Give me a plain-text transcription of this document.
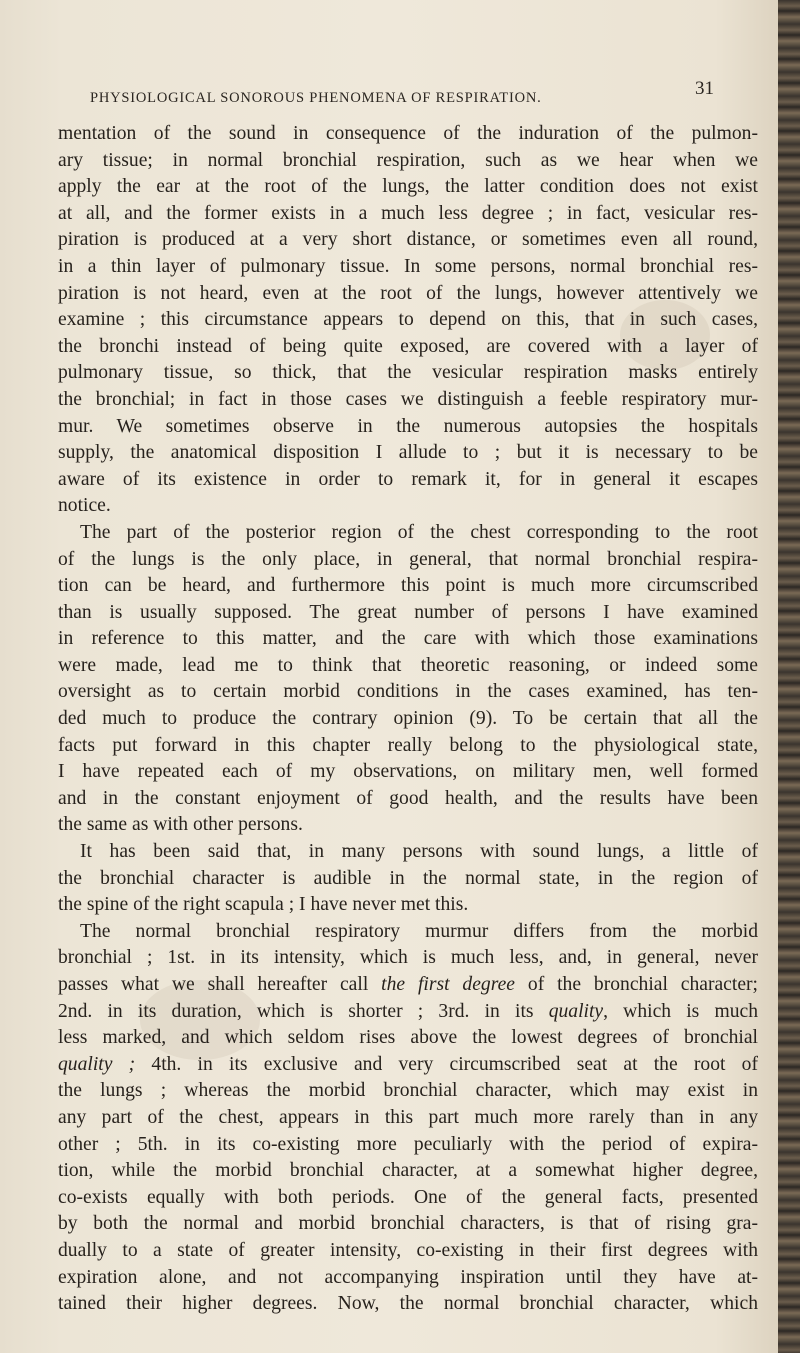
PHYSIOLOGICAL SONOROUS PHENOMENA OF RESPIRATION.	31
mentation of the sound in consequence of the induration of the pulmon-
ary tissue; in normal bronchial respiration, such as we hear when we
apply the ear at the root of the lungs, the latter condition does not exist
at all, and the former exists in a much less degree ; in fact, vesicular res-
piration is produced at a very short distance, or sometimes even all round,
in a thin layer of pulmonary tissue. In some persons, normal bronchial res-
piration is not heard, even at the root of the lungs, however attentively we
examine ; this circumstance appears to depend on this, that in such cases,
the bronchi instead of being quite exposed, are covered with a layer of
pulmonary tissue, so thick, that the vesicular respiration masks entirely
the bronchial; in fact in those cases we distinguish a feeble respiratory mur-
mur. We sometimes observe in the numerous autopsies the hospitals
supply, the anatomical disposition I allude to ; but it is necessary to be
aware of its existence in order to remark it, for in general it escapes
notice.
The part of the posterior region of the chest corresponding to the root
of the lungs is the only place, in general, that normal bronchial respira-
tion can be heard, and furthermore this point is much more circumscribed
than is usually supposed. The great number of persons I have examined
in reference to this matter, and the care with which those examinations
were made, lead me to think that theoretic reasoning, or indeed some
oversight as to certain morbid conditions in the cases examined, has ten-
ded much to produce the contrary opinion (9). To be certain that all the
facts put forward in this chapter really belong to the physiological state,
I have repeated each of my observations, on military men, well formed
and in the constant enjoyment of good health, and the results have been
the same as with other persons.
It has been said that, in many persons with sound lungs, a little of
the bronchial character is audible in the normal state, in the region of
the spine of the right scapula ; I have never met this.
The normal bronchial respiratory murmur differs from the morbid
bronchial ; 1st. in its intensity, which is much less, and, in general, never
passes what we shall hereafter call the first degree of the bronchial character;
2nd. in its duration, which is shorter ; 3rd. in its quality, which is much
less marked, and which seldom rises above the lowest degrees of bronchial
quality ; 4th. in its exclusive and very circumscribed seat at the root of
the lungs ; whereas the morbid bronchial character, which may exist in
any part of the chest, appears in this part much more rarely than in any
other ; 5th. in its co-existing more peculiarly with the period of expira-
tion, while the morbid bronchial character, at a somewhat higher degree,
co-exists equally with both periods. One of the general facts, presented
by both the normal and morbid bronchial characters, is that of rising gra-
dually to a state of greater intensity, co-existing in their first degrees with
expiration alone, and not accompanying inspiration until they have at-
tained their higher degrees. Now, the normal bronchial character, which
